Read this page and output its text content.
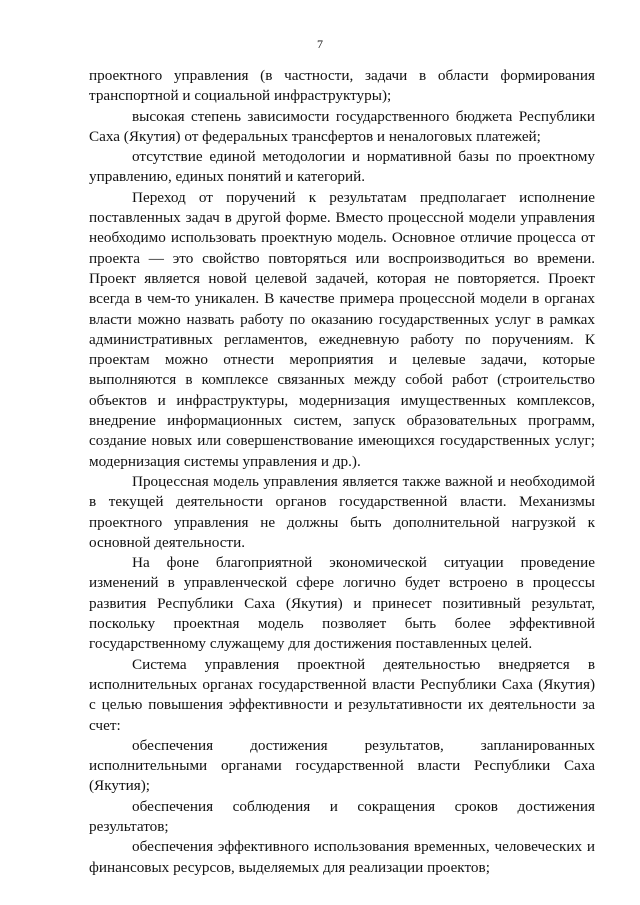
7

проектного управления (в частности, задачи в области формирования транспортной и социальной инфраструктуры);

высокая степень зависимости государственного бюджета Республики Саха (Якутия) от федеральных трансфертов и неналоговых платежей;

отсутствие единой методологии и нормативной базы по проектному управлению, единых понятий и категорий.

Переход от поручений к результатам предполагает исполнение поставленных задач в другой форме. Вместо процессной модели управления необходимо использовать проектную модель. Основное отличие процесса от проекта — это свойство повторяться или воспроизводиться во времени. Проект является новой целевой задачей, которая не повторяется. Проект всегда в чем-то уникален. В качестве примера процессной модели в органах власти можно назвать работу по оказанию государственных услуг в рамках административных регламентов, ежедневную работу по поручениям. К проектам можно отнести мероприятия и целевые задачи, которые выполняются в комплексе связанных между собой работ (строительство объектов и инфраструктуры, модернизация имущественных комплексов, внедрение информационных систем, запуск образовательных программ, создание новых или совершенствование имеющихся государственных услуг; модернизация системы управления и др.).

Процессная модель управления является также важной и необходимой в текущей деятельности органов государственной власти. Механизмы проектного управления не должны быть дополнительной нагрузкой к основной деятельности.

На фоне благоприятной экономической ситуации проведение изменений в управленческой сфере логично будет встроено в процессы развития Республики Саха (Якутия) и принесет позитивный результат, поскольку проектная модель позволяет быть более эффективной государственному служащему для достижения поставленных целей.

Система управления проектной деятельностью внедряется в исполнительных органах государственной власти Республики Саха (Якутия) с целью повышения эффективности и результативности их деятельности за счет:

обеспечения достижения результатов, запланированных исполнительными органами государственной власти Республики Саха (Якутия);

обеспечения соблюдения и сокращения сроков достижения результатов;

обеспечения эффективного использования временных, человеческих и финансовых ресурсов, выделяемых для реализации проектов;
